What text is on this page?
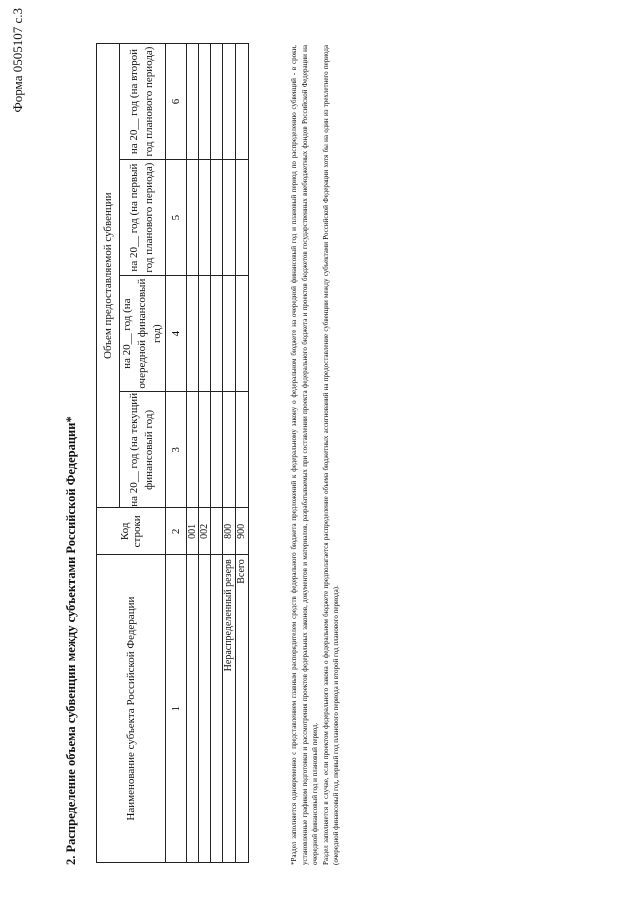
Форма 0505107 с.3
2. Распределение объема субвенции между субъектами Российской Федерации*	Наименование субъекта Российской Федерации	Код строки	Объем предоставляемой субвенции			
		на 20__ год (на текущий финансовый год)	на 20__ год (на очередной финансовый год)	на 20__ год (на первый год планового периода)	на 20__ год (на второй год планового периода)
1	2	3	4	5	6
	001				
	002				

Нераспределенный резерв	800				
Всего	900					*Раздел заполняется одновременно с представлением главным распорядителем средств федерального бюджета предложений к федеральному закону о федеральном бюджете на очередной финансовый год и плановый период по распределению субвенций - в сроки, установленные графиком подготовки и рассмотрения проектов федеральных законов, документов и материалов, разрабатываемых при составлении проекта федерального бюджета и проектов бюджетов государственных внебюджетных фондов Российской Федерации на очередной финансовый год и плановый период. Раздел заполняется в случае, если проектом федерального закона о федеральном бюджете предполагается распределение объема бюджетных ассигнований на предоставление субвенции между субъектами Российской Федерации хотя бы на один из трехлетнего периода (очередной финансовый год, первый год планового периода и второй год планового периода).
